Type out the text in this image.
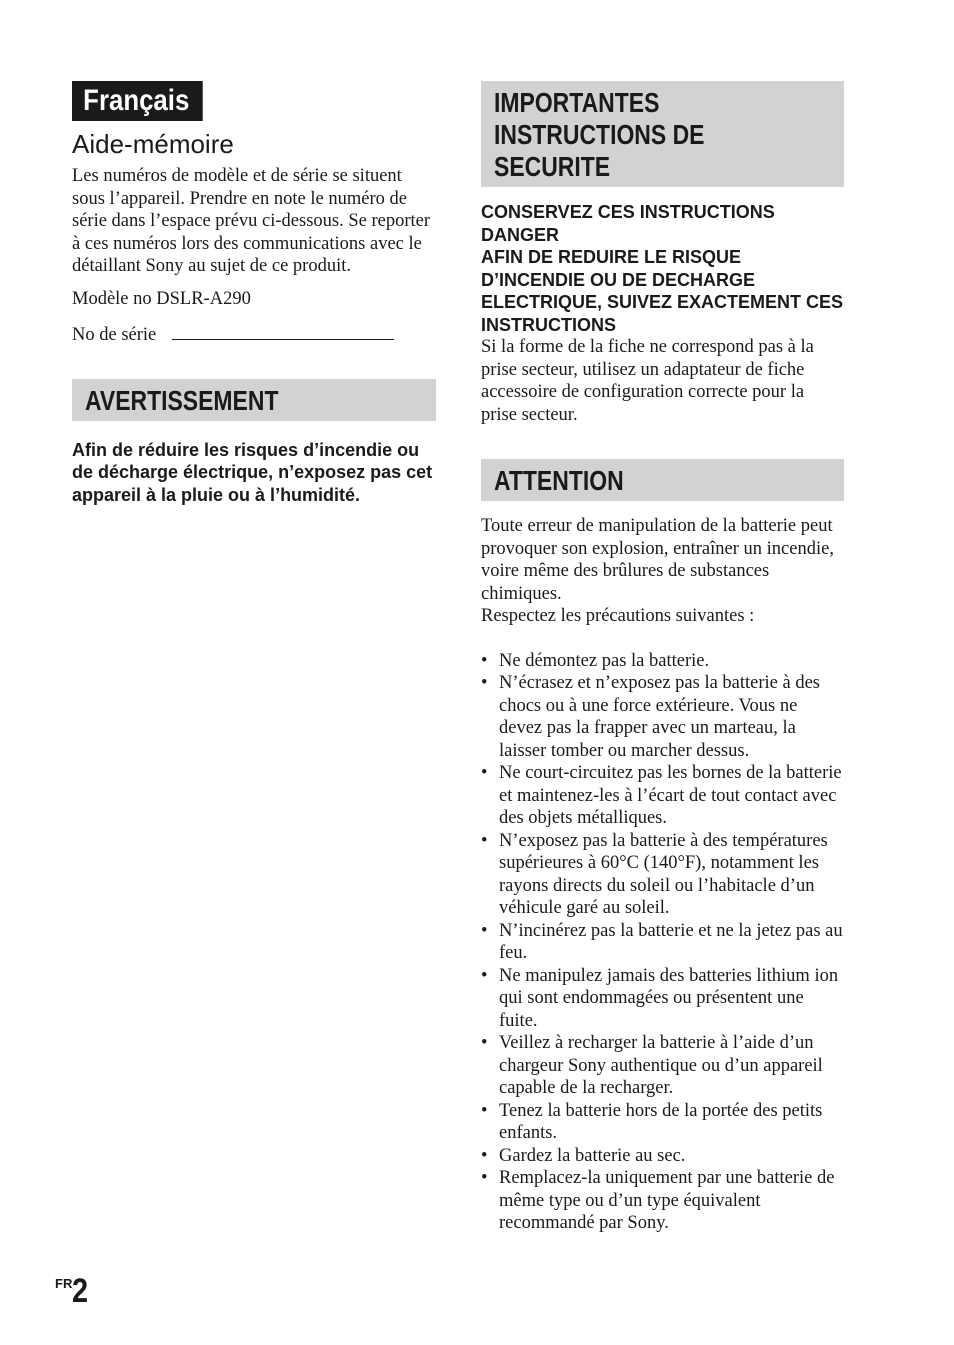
Français
Aide-mémoire

Les numéros de modèle et de série se situent sous l’appareil. Prendre en note le numéro de série dans l’espace prévu ci-dessous. Se reporter à ces numéros lors des communications avec le détaillant Sony au sujet de ce produit.

Modèle no DSLR-A290

No de série
AVERTISSEMENT

Afin de réduire les risques d’incendie ou de décharge électrique, n’exposez pas cet appareil à la pluie ou à l’humidité.

IMPORTANTES
INSTRUCTIONS DE
SECURITE

CONSERVEZ CES INSTRUCTIONS

DANGER

AFIN DE REDUIRE LE RISQUE D’INCENDIE OU DE DECHARGE ELECTRIQUE, SUIVEZ EXACTEMENT CES INSTRUCTIONS

Si la forme de la fiche ne correspond pas à la prise secteur, utilisez un adaptateur de fiche accessoire de configuration correcte pour la prise secteur.

ATTENTION

Toute erreur de manipulation de la batterie peut provoquer son explosion, entraîner un incendie, voire même des brûlures de substances chimiques.

Respectez les précautions suivantes :

• Ne démontez pas la batterie.
• N’écrasez et n’exposez pas la batterie à des chocs ou à une force extérieure. Vous ne devez pas la frapper avec un marteau, la laisser tomber ou marcher dessus.
• Ne court-circuitez pas les bornes de la batterie et maintenez-les à l’écart de tout contact avec des objets métalliques.
• N’exposez pas la batterie à des températures supérieures à 60°C (140°F), notamment les rayons directs du soleil ou l’habitacle d’un véhicule garé au soleil.
• N’incinérez pas la batterie et ne la jetez pas au feu.
• Ne manipulez jamais des batteries lithium ion qui sont endommagées ou présentent une fuite.
• Veillez à recharger la batterie à l’aide d’un chargeur Sony authentique ou d’un appareil capable de la recharger.
• Tenez la batterie hors de la portée des petits enfants.
• Gardez la batterie au sec.
• Remplacez-la uniquement par une batterie de même type ou d’un type équivalent recommandé par Sony.
$^{FR}$2
